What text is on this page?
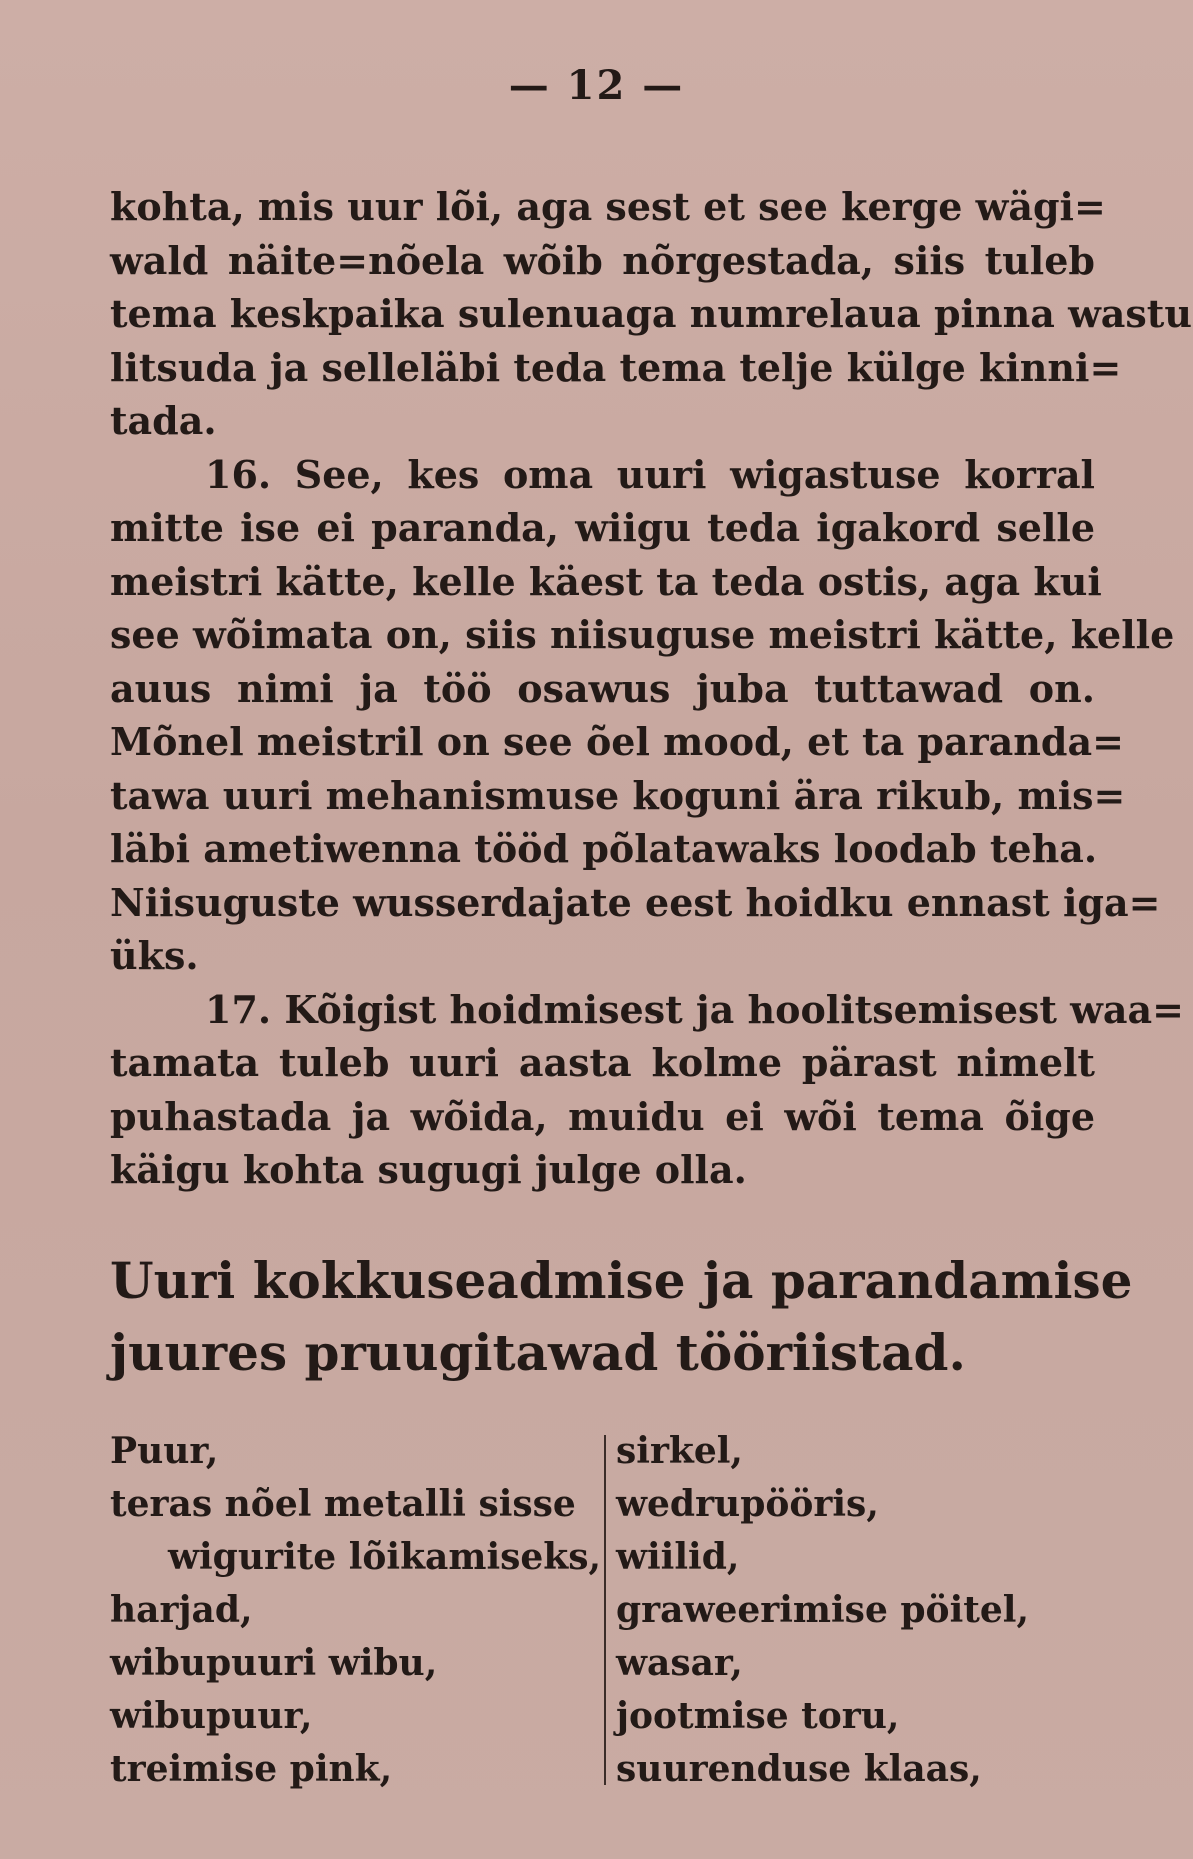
— 12 —
kohta, mis uur lõi, aga sest et see kerge wägi=
wald näite=nõela wõib nõrgestada, siis tuleb
tema keskpaika sulenuaga numrelaua pinna wastu
litsuda ja selleläbi teda tema telje külge kinni=
tada.
16. See, kes oma uuri wigastuse korral
mitte ise ei paranda, wiigu teda igakord selle
meistri kätte, kelle käest ta teda ostis, aga kui
see wõimata on, siis niisuguse meistri kätte, kelle
auus nimi ja töö osawus juba tuttawad on.
Mõnel meistril on see õel mood, et ta paranda=
tawa uuri mehanismuse koguni ära rikub, mis=
läbi ametiwenna tööd põlatawaks loodab teha.
Niisuguste wusserdajate eest hoidku ennast iga=
üks.
17. Kõigist hoidmisest ja hoolitsemisest waa=
tamata tuleb uuri aasta kolme pärast nimelt
puhastada ja wõida, muidu ei wõi tema õige
käigu kohta sugugi julge olla.
Uuri kokkuseadmise ja parandamise
juures pruugitawad tööriistad.
Puur,
teras nõel metalli sisse
wigurite lõikamiseks,
harjad,
wibupuuri wibu,
wibupuur,
treimise pink,
sirkel,
wedrupööris,
wiilid,
grawеerimise pöitel,
wasar,
jootmise toru,
suurenduse klaas,
